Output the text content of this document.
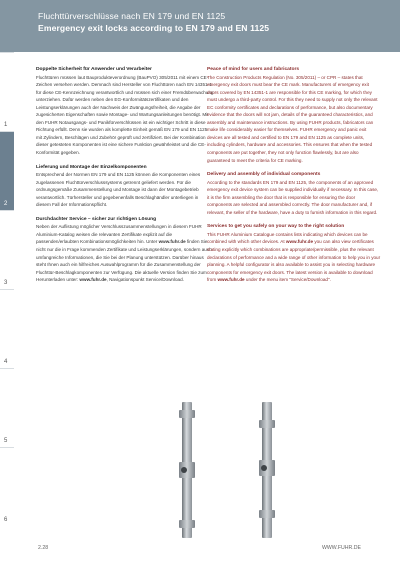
Fluchttürverschlüsse nach EN 179 und EN 1125
Emergency exit locks according to EN 179 and EN 1125
1
2
3
4
5
6
Doppelte Sicherheit für Anwender und Verarbeiter
Fluchttüren müssen laut Bauprodukteverordnung (BauPVO) 305/2011 mit einem CE-Zeichen versehen werden. Demnach sind Hersteller von Fluchttüren nach EN 14351-1 für diese CE-Kennzeichnung verantwortlich und müssen sich einer Fremdüberwachung unterziehen. Dafür werden neben den EG-Konformitätszertifikaten und den Leistungserklärungen auch der Nachweis der Zwängungsfreiheit, die Angabe der zugesicherten Eigenschaften sowie Montage- und Wartungsanleitungen benötigt. Mit den FUHR Notausgangs- und Panikfürverschlüssen ist ein wichtiger Schritt in diese Richtung erfüllt. Denn sie wurden als komplette Einheit gemäß EN 179 und EN 1125 mit Zylindern, Beschlägen und Zubehör geprüft und zertifiziert. Bei der Kombination dieser getesteten Komponenten ist eine sichere Funktion gewährleistet und die CE-Konformität gegeben.
Lieferung und Montage der Einzelkomponenten
Entsprechend der Normen EN 179 und EN 1125 können die Komponenten eines zugelassenen Fluchttürverschlusssystems getrennt geliefert werden. Für die ordnungsgemäße Zusammenstellung und Montage ist dann der Montagebetrieb verantwortlich. Türhersteller und gegebenenfalls Beschlaghändler unterliegen in diesem Fall der Informationspflicht.
Durchdachter Service – sicher zur richtigen Lösung
Neben der Auflistung möglicher Verschlusszusammenstellungen in diesem FUHR Aluminium-Katalog weisen die relevanten Zertifikate explizit auf die passenden/erlaubten Kombinationsmöglichkeiten hin. Unter www.fuhr.de finden Sie nicht nur die in Frage kommenden Zertifikate und Leistungserklärungen, sondern auch umfangreiche Informationen, die Sie bei der Planung unterstützen. Darüber hinaus steht Ihnen auch ein hilfreiches Auswahlprogramm für die Zusammenstellung der Fluchttür-Beschlagkomponenten zur Verfügung. Die aktuelle Version finden Sie zum Herunterladen unter: www.fuhr.de, Navigationspunkt Service/Download.
Peace of mind for users and fabricators
The Construction Products Regulation (No. 305/2011) – or CPR – states that emergency exit doors must bear the CE mark. Manufacturers of emergency exit doors covered by EN 14351-1 are responsible for this CE marking, for which they must undergo a third-party control. For this they need to supply not only the relevant EC conformity certificates and declarations of performance, but also documentary evidence that the doors will not jam, details of the guaranteed characteristics, and assembly and maintenance instructions. By using FUHR products, fabricators can make life considerably easier for themselves. FUHR emergency and panic exit devices are all tested and certified to EN 179 and EN 1125 as complete units, including cylinders, hardware and accessories. This ensures that when the tested components are put together, they not only function flawlessly, but are also guaranteed to meet the criteria for CE marking.
Delivery and assembly of individual components
According to the standards EN 179 and EN 1125, the components of an approved emergency exit device system can be supplied individually if necessary. In this case, it is the firm assembling the door that is responsible for ensuring the door components are selected and assembled correctly. The door manufacturer and, if relevant, the seller of the hardware, have a duty to furnish information in this regard.
Services to get you safely on your way to the right solution
This FUHR Aluminium Catalogue contains lists indicating which devices can be combined with which other devices. At www.fuhr.de you can also view certificates stating explicitly which combinations are appropriate/permissible, plus the relevant declarations of performance and a wide range of other information to help you in your planning. A helpful configurator is also available to assist you in selecting hardware components for emergency exit doors. The latest version is available to download from www.fuhr.de under the menu item "Service/Download".
2.28	WWW.FUHR.DE
